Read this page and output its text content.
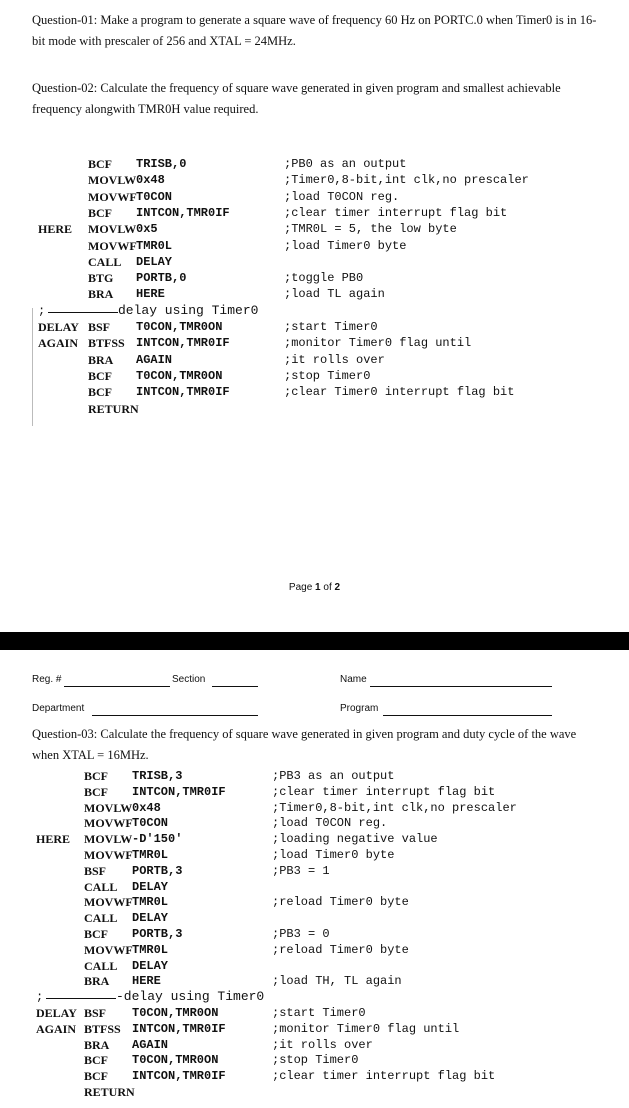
Question-01: Make a program to generate a square wave of frequency 60 Hz on PORTC.0 when Timer0 is in 16-bit mode with prescaler of 256 and XTAL = 24MHz.
Question-02: Calculate the frequency of square wave generated in given program and smallest achievable frequency alongwith TMR0H value required.
BCF TRISB,0	;PB0 as an output
MOVLW 0x48	;Timer0,8-bit,int clk,no prescaler
MOVWF T0CON	;load T0CON reg.
BCF INTCON,TMR0IF	;clear timer interrupt flag bit
HERE MOVLW 0x5	;TMR0L = 5, the low byte
MOVWF TMR0L	;load Timer0 byte
CALL DELAY
BTG PORTB,0	;toggle PB0
BRA HERE	;load TL again
;	delay using Timer0
DELAY BSF T0CON,TMR0ON	;start Timer0
AGAIN BTFSS INTCON,TMR0IF	;monitor Timer0 flag until
BRA AGAIN	;it rolls over
BCF T0CON,TMR0ON	;stop Timer0
BCF INTCON,TMR0IF	;clear Timer0 interrupt flag bit
RETURN
Page 1 of 2
Reg. #	Section	Name
Department	Program
Question-03: Calculate the frequency of square wave generated in given program and duty cycle of the wave when XTAL = 16MHz.
BCF TRISB,3	;PB3 as an output
BCF INTCON,TMR0IF	;clear timer interrupt flag bit
MOVLW 0x48	;Timer0,8-bit,int clk,no prescaler
MOVWF T0CON	;load T0CON reg.
HERE MOVLW -D'150'	;loading negative value
MOVWF TMR0L	;load Timer0 byte
BSF PORTB,3	;PB3 = 1
CALL DELAY
MOVWF TMR0L	;reload Timer0 byte
CALL DELAY
BCF PORTB,3	;PB3 = 0
MOVWF TMR0L	;reload Timer0 byte
CALL DELAY
BRA HERE	;load TH, TL again
;	-delay using Timer0
DELAY BSF T0CON,TMR0ON	;start Timer0
AGAIN BTFSS INTCON,TMR0IF	;monitor Timer0 flag until
BRA AGAIN	;it rolls over
BCF T0CON,TMR0ON	;stop Timer0
BCF INTCON,TMR0IF	;clear timer interrupt flag bit
RETURN
